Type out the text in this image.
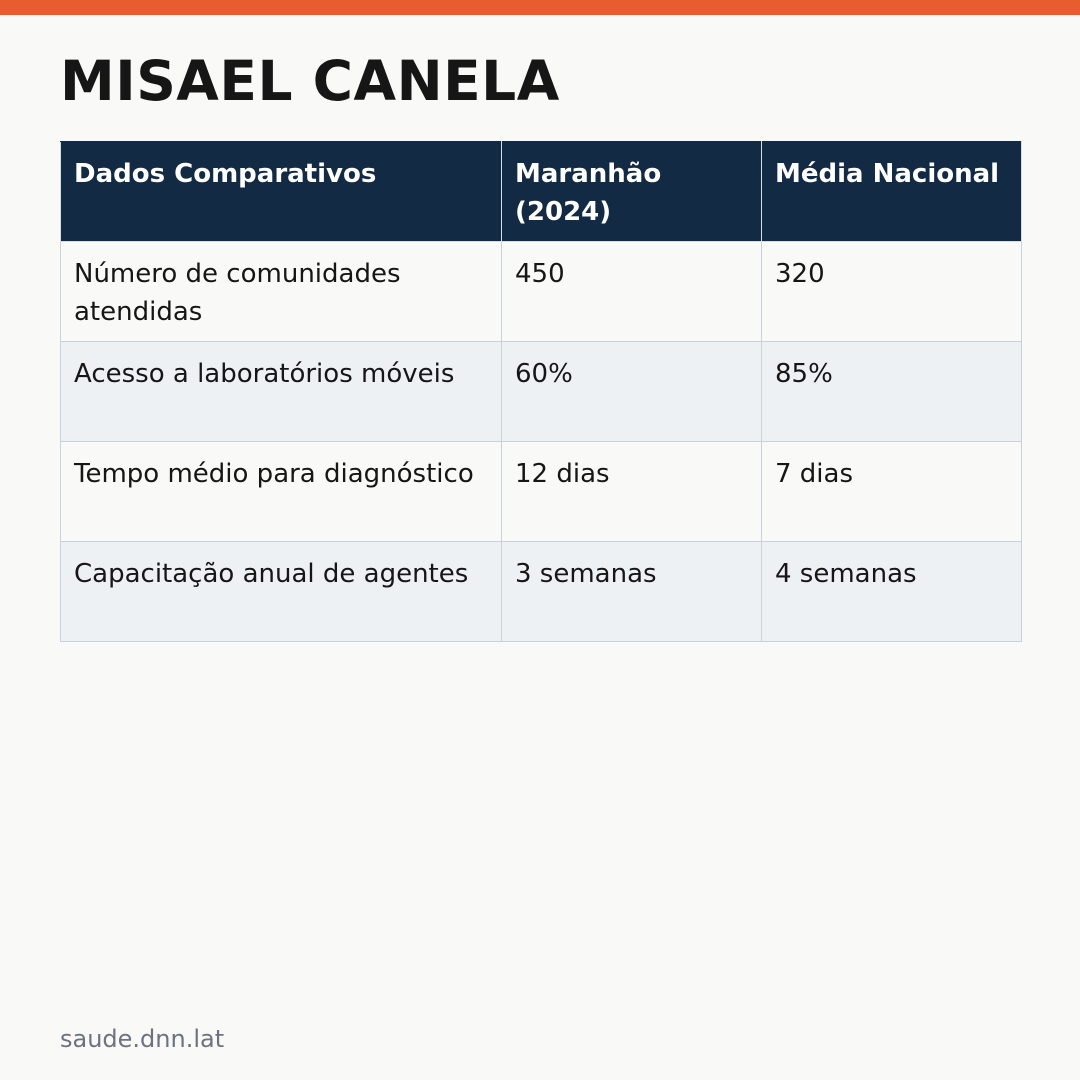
MISAEL CANELA
Dados Comparativos	Maranhão (2024)	Média Nacional
Número de comunidades atendidas	450	320
Acesso a laboratórios móveis	60%	85%
Tempo médio para diagnóstico	12 dias	7 dias
Capacitação anual de agentes	3 semanas	4 semanas
saude.dnn.lat
